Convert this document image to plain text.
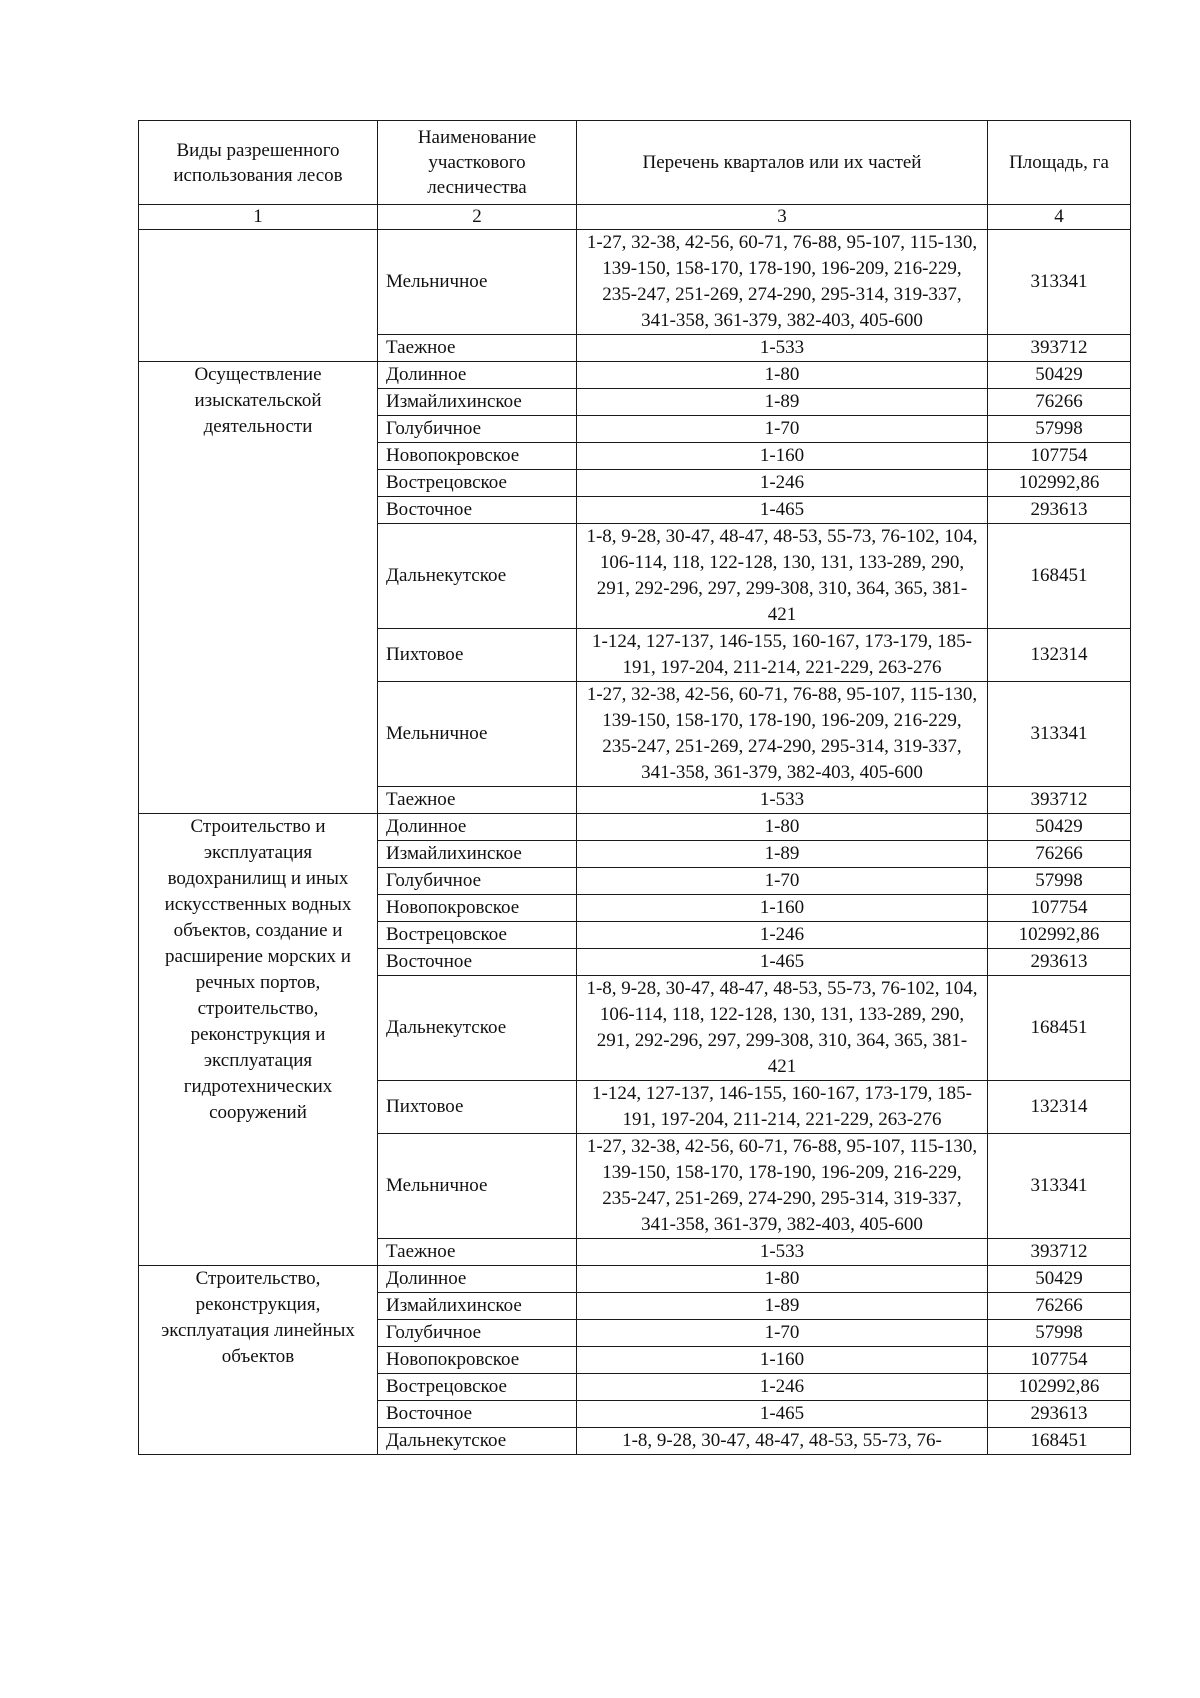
Виды разрешенного использования лесов	Наименование участкового лесничества	Перечень кварталов или их частей	Площадь, га
1	2	3	4
	Мельничное	1-27, 32-38, 42-56, 60-71, 76-88, 95-107, 115-130, 139-150, 158-170, 178-190, 196-209, 216-229, 235-247, 251-269, 274-290, 295-314, 319-337, 341-358, 361-379, 382-403, 405-600	313341
	Таежное	1-533	393712
Осуществление изыскательской деятельности	Долинное	1-80	50429
	Измайлихинское	1-89	76266
	Голубичное	1-70	57998
	Новопокровское	1-160	107754
	Вострецовское	1-246	102992,86
	Восточное	1-465	293613
	Дальнекутское	1-8, 9-28, 30-47, 48-47, 48-53, 55-73, 76-102, 104, 106-114, 118, 122-128, 130, 131, 133-289, 290, 291, 292-296, 297, 299-308, 310, 364, 365, 381-421	168451
	Пихтовое	1-124, 127-137, 146-155, 160-167, 173-179, 185-191, 197-204, 211-214, 221-229, 263-276	132314
	Мельничное	1-27, 32-38, 42-56, 60-71, 76-88, 95-107, 115-130, 139-150, 158-170, 178-190, 196-209, 216-229, 235-247, 251-269, 274-290, 295-314, 319-337, 341-358, 361-379, 382-403, 405-600	313341
	Таежное	1-533	393712
Строительство и эксплуатация водохранилищ и иных искусственных водных объектов, создание и расширение морских и речных портов, строительство, реконструкция и эксплуатация гидротехнических сооружений	Долинное	1-80	50429
	Измайлихинское	1-89	76266
	Голубичное	1-70	57998
	Новопокровское	1-160	107754
	Вострецовское	1-246	102992,86
	Восточное	1-465	293613
	Дальнекутское	1-8, 9-28, 30-47, 48-47, 48-53, 55-73, 76-102, 104, 106-114, 118, 122-128, 130, 131, 133-289, 290, 291, 292-296, 297, 299-308, 310, 364, 365, 381-421	168451
	Пихтовое	1-124, 127-137, 146-155, 160-167, 173-179, 185-191, 197-204, 211-214, 221-229, 263-276	132314
	Мельничное	1-27, 32-38, 42-56, 60-71, 76-88, 95-107, 115-130, 139-150, 158-170, 178-190, 196-209, 216-229, 235-247, 251-269, 274-290, 295-314, 319-337, 341-358, 361-379, 382-403, 405-600	313341
	Таежное	1-533	393712
Строительство, реконструкция, эксплуатация линейных объектов	Долинное	1-80	50429
	Измайлихинское	1-89	76266
	Голубичное	1-70	57998
	Новопокровское	1-160	107754
	Вострецовское	1-246	102992,86
	Восточное	1-465	293613
	Дальнекутское	1-8, 9-28, 30-47, 48-47, 48-53, 55-73, 76-	168451
